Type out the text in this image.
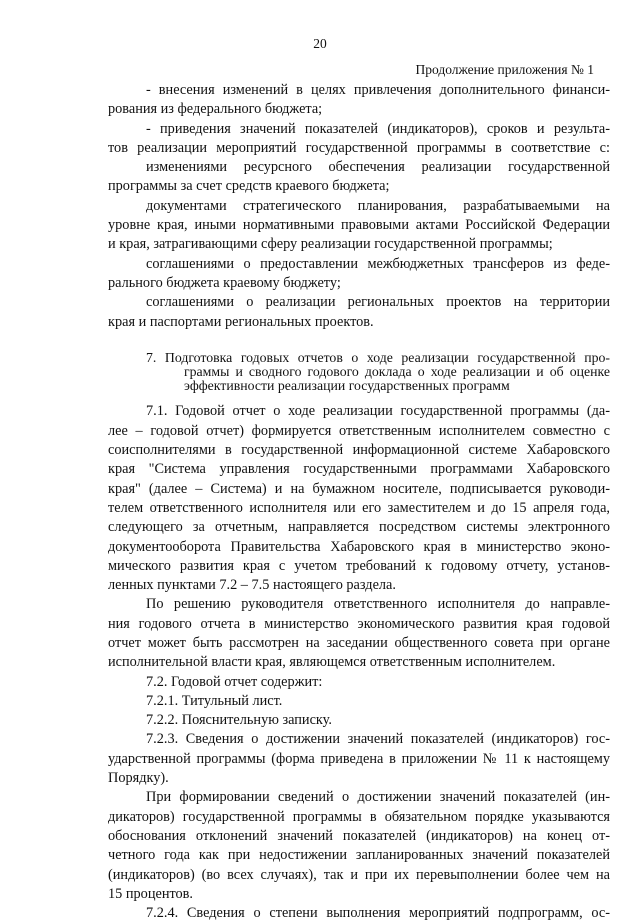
20
Продолжение приложения № 1
- внесения изменений в целях привлечения дополнительного финанси-
рования из федерального бюджета;
- приведения значений показателей (индикаторов), сроков и результа-
тов реализации мероприятий государственной программы в соответствие с:
изменениями ресурсного обеспечения реализации государственной
программы за счет средств краевого бюджета;
документами стратегического планирования, разрабатываемыми на
уровне края, иными нормативными правовыми актами Российской Федерации
и края, затрагивающими сферу реализации государственной программы;
соглашениями о предоставлении межбюджетных трансферов из феде-
рального бюджета краевому бюджету;
соглашениями о реализации региональных проектов на территории
края и паспортами региональных проектов.
7. Подготовка годовых отчетов о ходе реализации государственной про-
граммы и сводного годового доклада о ходе реализации и об оценке
эффективности реализации государственных программ
7.1. Годовой отчет о ходе реализации государственной программы (да-
лее – годовой отчет) формируется ответственным исполнителем совместно с
соисполнителями в государственной информационной системе Хабаровского
края "Система управления государственными программами Хабаровского
края" (далее – Система) и на бумажном носителе, подписывается руководи-
телем ответственного исполнителя или его заместителем и до 15 апреля года,
следующего за отчетным, направляется посредством системы электронного
документооборота Правительства Хабаровского края в министерство эконо-
мического развития края с учетом требований к годовому отчету, установ-
ленных пунктами 7.2 – 7.5 настоящего раздела.
По решению руководителя ответственного исполнителя до направле-
ния годового отчета в министерство экономического развития края годовой
отчет может быть рассмотрен на заседании общественного совета при органе
исполнительной власти края, являющемся ответственным исполнителем.
7.2. Годовой отчет содержит:
7.2.1. Титульный лист.
7.2.2. Пояснительную записку.
7.2.3. Сведения о достижении значений показателей (индикаторов) гос-
ударственной программы (форма приведена в приложении № 11 к настоящему
Порядку).
При формировании сведений о достижении значений показателей (ин-
дикаторов) государственной программы в обязательном порядке указываются
обоснования отклонений значений показателей (индикаторов) на конец от-
четного года как при недостижении запланированных значений показателей
(индикаторов) (во всех случаях), так и при их перевыполнении более чем на
15 процентов.
7.2.4. Сведения о степени выполнения мероприятий подпрограмм, ос-
